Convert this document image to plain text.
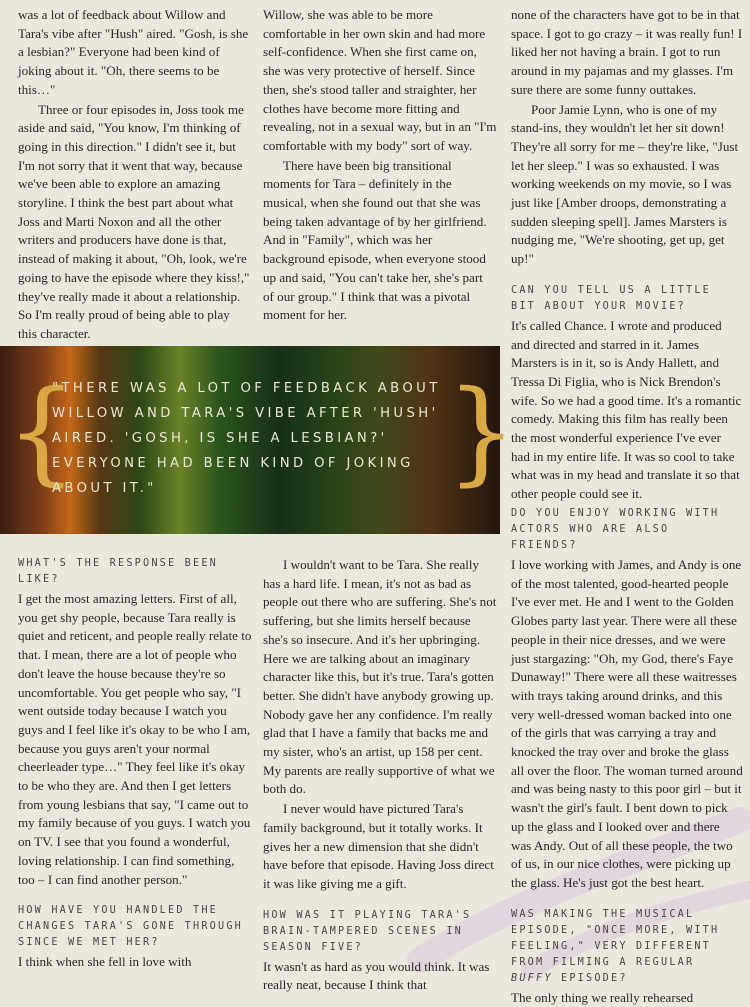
was a lot of feedback about Willow and Tara's vibe after "Hush" aired. "Gosh, is she a lesbian?" Everyone had been kind of joking about it. "Oh, there seems to be this…"

Three or four episodes in, Joss took me aside and said, "You know, I'm thinking of going in this direction." I didn't see it, but I'm not sorry that it went that way, because we've been able to explore an amazing storyline. I think the best part about what Joss and Marti Noxon and all the other writers and producers have done is that, instead of making it about, "Oh, look, we're going to have the episode where they kiss!," they've really made it about a relationship. So I'm really proud of being able to play this character.

Willow, she was able to be more comfortable in her own skin and had more self-confidence. When she first came on, she was very protective of herself. Since then, she's stood taller and straighter, her clothes have become more fitting and revealing, not in a sexual way, but in an "I'm comfortable with my body" sort of way.

There have been big transitional moments for Tara – definitely in the musical, when she found out that she was being taken advantage of by her girlfriend. And in "Family", which was her background episode, when everyone stood up and said, "You can't take her, she's part of our group." I think that was a pivotal moment for her.

none of the characters have got to be in that space. I got to go crazy – it was really fun! I liked her not having a brain. I got to run around in my pajamas and my glasses. I'm sure there are some funny outtakes.

Poor Jamie Lynn, who is one of my stand-ins, they wouldn't let her sit down! They're all sorry for me – they're like, "Just let her sleep." I was so exhausted. I was working weekends on my movie, so I was just like [Amber droops, demonstrating a sudden sleeping spell]. James Marsters is nudging me, "We're shooting, get up, get up!"

CAN YOU TELL US A LITTLE BIT ABOUT YOUR MOVIE?

It's called Chance. I wrote and produced and directed and starred in it. James Marsters is in it, so is Andy Hallett, and Tressa Di Figlia, who is Nick Brendon's wife. So we had a good time. It's a romantic comedy. Making this film has really been the most wonderful experience I've ever had in my entire life. It was so cool to take what was in my head and translate it so that other people could see it.

{
"THERE WAS A LOT OF FEEDBACK ABOUT WILLOW AND TARA'S VIBE AFTER 'HUSH' AIRED. 'GOSH, IS SHE A LESBIAN?' EVERYONE HAD BEEN KIND OF JOKING ABOUT IT."	}

WHAT'S THE RESPONSE BEEN LIKE?

I get the most amazing letters. First of all, you get shy people, because Tara really is quiet and reticent, and people really relate to that. I mean, there are a lot of people who don't leave the house because they're so uncomfortable. You get people who say, "I went outside today because I watch you guys and I feel like it's okay to be who I am, because you guys aren't your normal cheerleader type…" They feel like it's okay to be who they are. And then I get letters from young lesbians that say, "I came out to my family because of you guys. I watch you on TV. I see that you found a wonderful, loving relationship. I can find something, too – I can find another person."

HOW HAVE YOU HANDLED THE CHANGES TARA'S GONE THROUGH SINCE WE MET HER?

I think when she fell in love with

I wouldn't want to be Tara. She really has a hard life. I mean, it's not as bad as people out there who are suffering. She's not suffering, but she limits herself because she's so insecure. And it's her upbringing. Here we are talking about an imaginary character like this, but it's true. Tara's gotten better. She didn't have anybody growing up. Nobody gave her any confidence. I'm really glad that I have a family that backs me and my sister, who's an artist, up 158 per cent. My parents are really supportive of what we both do.

I never would have pictured Tara's family background, but it totally works. It gives her a new dimension that she didn't have before that episode. Having Joss direct it was like giving me a gift.

HOW WAS IT PLAYING TARA'S BRAIN-TAMPERED SCENES IN SEASON FIVE?

It wasn't as hard as you would think. It was really neat, because I think that

DO YOU ENJOY WORKING WITH ACTORS WHO ARE ALSO FRIENDS?

I love working with James, and Andy is one of the most talented, good-hearted people I've ever met. He and I went to the Golden Globes party last year. There were all these people in their nice dresses, and we were just stargazing: "Oh, my God, there's Faye Dunaway!" There were all these waitresses with trays taking around drinks, and this very well-dressed woman backed into one of the girls that was carrying a tray and knocked the tray over and broke the glass all over the floor. The woman turned around and was being nasty to this poor girl – but it wasn't the girl's fault. I bent down to pick up the glass and I looked over and there was Andy. Out of all these people, the two of us, in our nice clothes, were picking up the glass. He's just got the best heart.

WAS MAKING THE MUSICAL EPISODE, "ONCE MORE, WITH FEELING," VERY DIFFERENT FROM FILMING A REGULAR BUFFY EPISODE?

The only thing we really rehearsed
